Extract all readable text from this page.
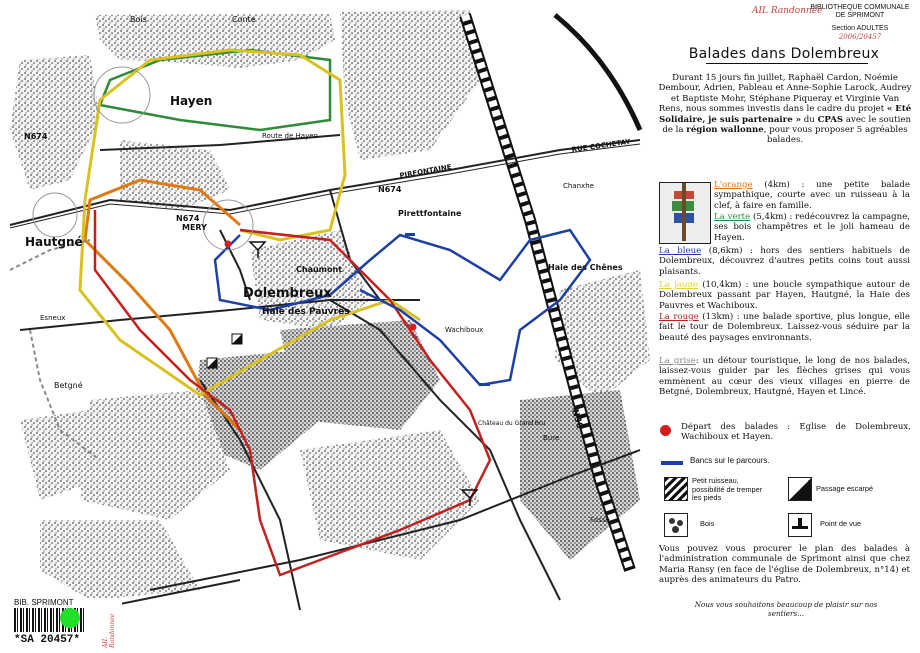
Hayen
Dolembreux
Hautgné
Chaumont
Haie des Pauvres
Haie des Chênes
Betgné
Pirettfontaine
MERY
N674
N674
N674
Conte
Bois
Chanxhe
Fosse
Bure
Wachiboux
N30
RUE COCHETAY
PIRFONTAINE
Esneux
Château du Grand Bru
Route de Hayen
BIB. SPRIMONT
*SA 20457*	AIL Randonnée
AIL Randonnée
BIBLIOTHEQUE COMMUNALE
DE SPRIMONT
Section ADULTES
2006/20457
Balades dans Dolembreux
Durant 15 jours fin juillet, Raphaël Cardon, Noémie Dembour, Adrien, Pableau et Anne-Sophie Larock, Audrey et Baptiste Mohr, Stéphane Piqueray et Virginie Van Rens, nous sommes investis dans le cadre du projet « Eté Solidaire, je suis partenaire » du CPAS avec le soutien de la région wallonne, pour vous proposer 5 agréables balades.
L'orange (4km) : une petite balade sympathique, courte avec un ruisseau à la clef, à faire en famille.
La verte (5,4km) : redécouvrez la campagne, ses bois champêtres et le joli hameau de Hayen.
La bleue (8,6km) : hors des sentiers habituels de Dolembreux, découvrez d'autres petits coins tout aussi plaisants.
La jaune (10,4km) : une boucle sympathique autour de Dolembreux passant par Hayen, Hautgné, la Haie des Pauvres et Wachiboux.
La rouge (13km) : une balade sportive, plus longue, elle fait le tour de Dolembreux. Laissez-vous séduire par la beauté des paysages environnants.
La grise: un détour touristique, le long de nos balades, laissez-vous guider par les flèches grises qui vous emmènent au cœur des vieux villages en pierre de Betgné, Dolembreux, Hautgné, Hayen et Lincé.
Départ des balades : Eglise de Dolembreux, Wachiboux et Hayen.
Bancs sur le parcours.
Petit ruisseau, possibilité de tremper les pieds
Passage escarpé
Bois	Point de vue
Vous pouvez vous procurer le plan des balades à l'administration communale de Sprimont ainsi que chez Maria Ransy (en face de l'église de Dolembreux, n°14) et auprès des animateurs du Patro.
Nous vous souhaitons beaucoup de plaisir sur nos sentiers...
